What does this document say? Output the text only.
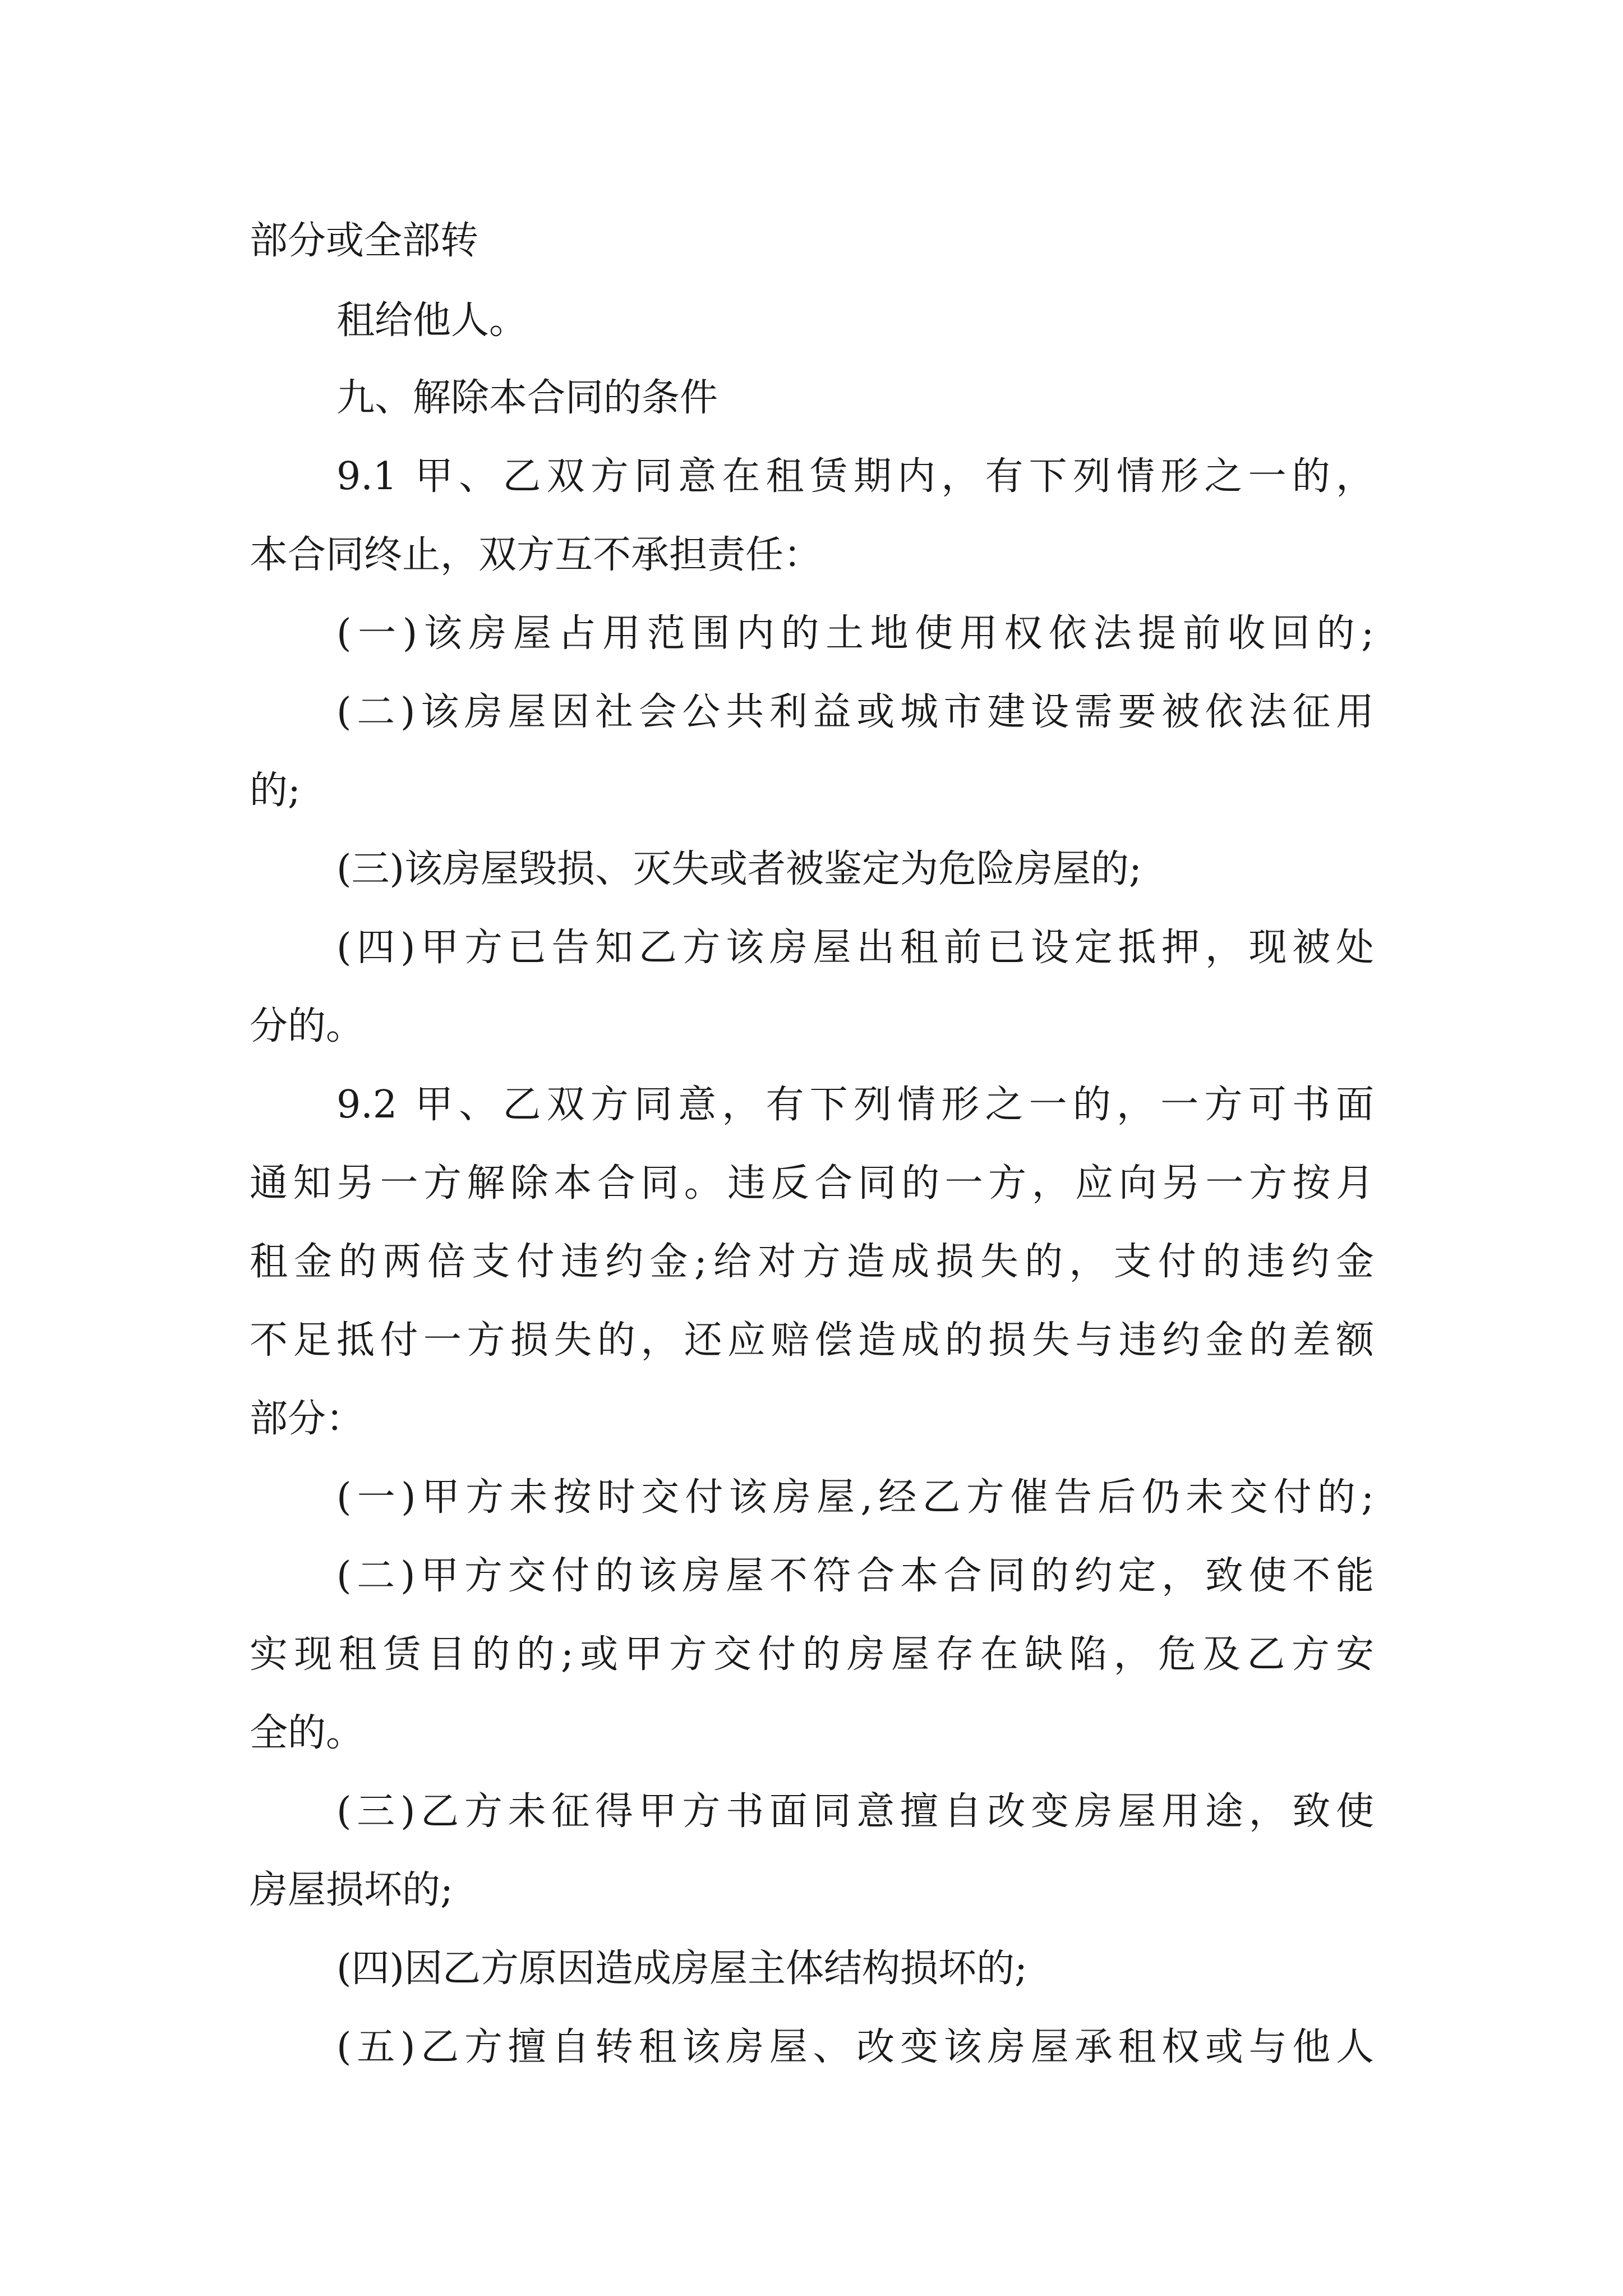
部分或全部转
租给他人。
九、解除本合同的条件
9.1 甲、乙双方同意在租赁期内，有下列情形之一的，
本合同终止，双方互不承担责任：
(一)该房屋占用范围内的土地使用权依法提前收回的;
(二)该房屋因社会公共利益或城市建设需要被依法征用
的;
(三)该房屋毁损、灭失或者被鉴定为危险房屋的;
(四)甲方已告知乙方该房屋出租前已设定抵押，现被处
分的。
9.2 甲、乙双方同意，有下列情形之一的，一方可书面
通知另一方解除本合同。违反合同的一方，应向另一方按月
租金的两倍支付违约金;给对方造成损失的，支付的违约金
不足抵付一方损失的，还应赔偿造成的损失与违约金的差额
部分：
(一)甲方未按时交付该房屋,经乙方催告后仍未交付的;
(二)甲方交付的该房屋不符合本合同的约定，致使不能
实现租赁目的的;或甲方交付的房屋存在缺陷，危及乙方安
全的。
(三)乙方未征得甲方书面同意擅自改变房屋用途，致使
房屋损坏的;
(四)因乙方原因造成房屋主体结构损坏的;
(五)乙方擅自转租该房屋、改变该房屋承租权或与他人
